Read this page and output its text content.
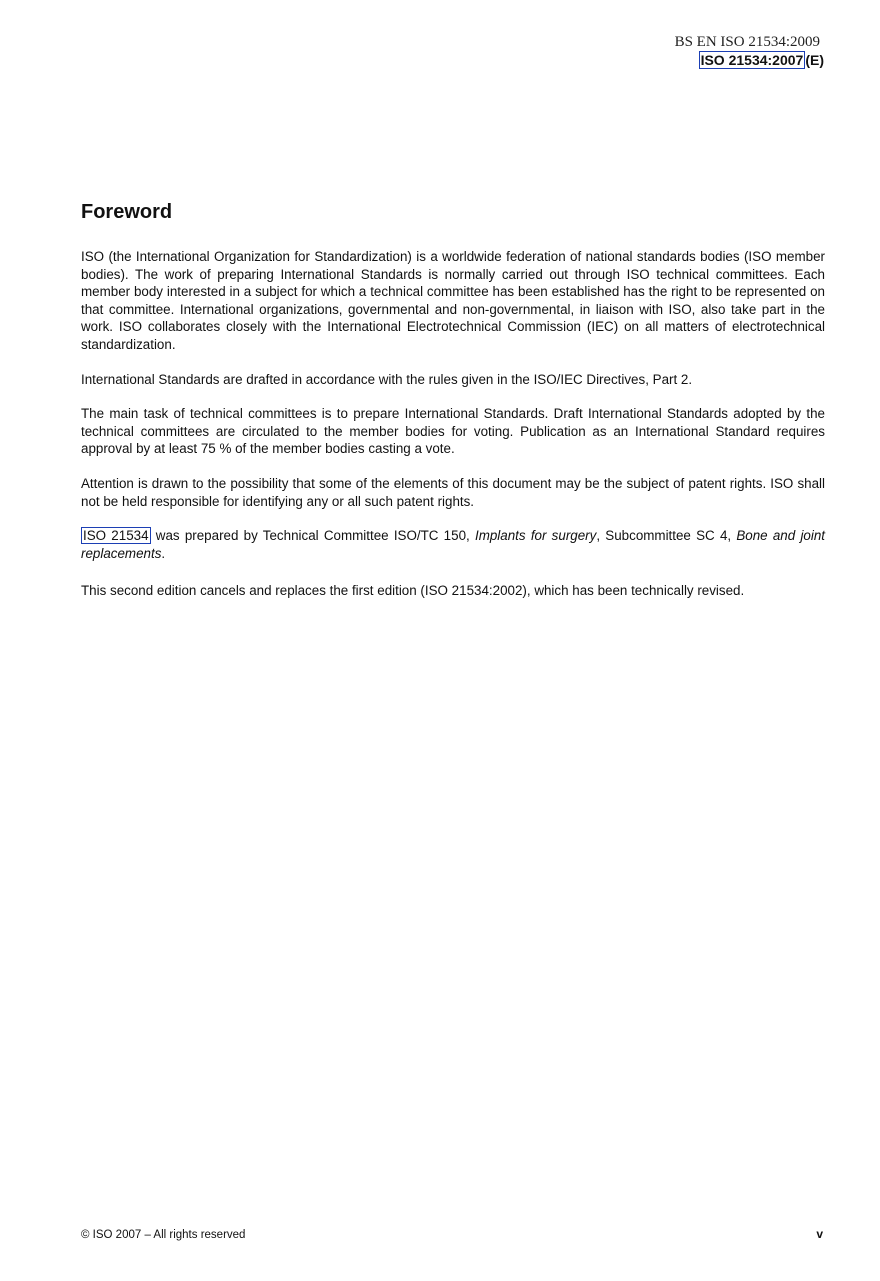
BS EN ISO 21534:2009
ISO 21534:2007 (E)
Foreword

ISO (the International Organization for Standardization) is a worldwide federation of national standards bodies (ISO member bodies). The work of preparing International Standards is normally carried out through ISO technical committees. Each member body interested in a subject for which a technical committee has been established has the right to be represented on that committee. International organizations, governmental and non-governmental, in liaison with ISO, also take part in the work. ISO collaborates closely with the International Electrotechnical Commission (IEC) on all matters of electrotechnical standardization.

International Standards are drafted in accordance with the rules given in the ISO/IEC Directives, Part 2.

The main task of technical committees is to prepare International Standards. Draft International Standards adopted by the technical committees are circulated to the member bodies for voting. Publication as an International Standard requires approval by at least 75 % of the member bodies casting a vote.

Attention is drawn to the possibility that some of the elements of this document may be the subject of patent rights. ISO shall not be held responsible for identifying any or all such patent rights.

ISO 21534 was prepared by Technical Committee ISO/TC 150, Implants for surgery, Subcommittee SC 4, Bone and joint replacements.

This second edition cancels and replaces the first edition (ISO 21534:2002), which has been technically revised.

© ISO 2007 – All rights reserved	v
